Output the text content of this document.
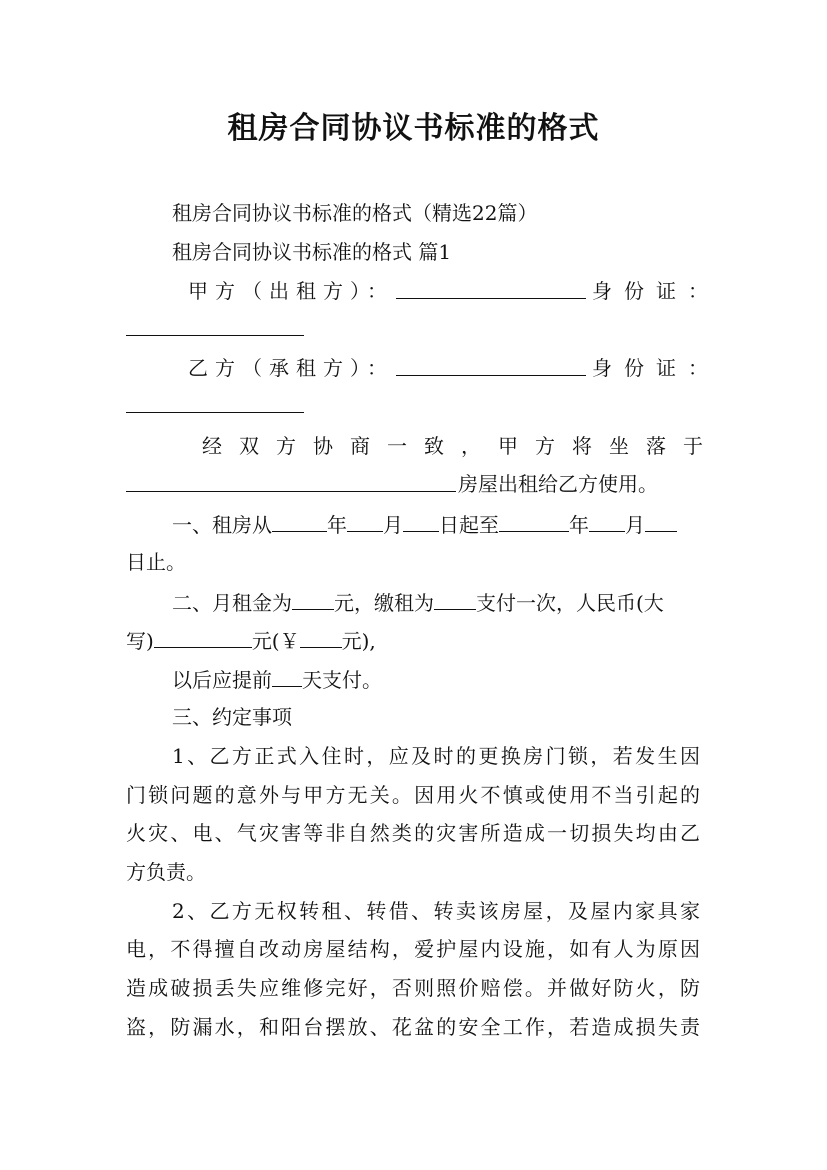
租房合同协议书标准的格式

租房合同协议书标准的格式（精选22篇）

租房合同协议书标准的格式 篇1

甲方（出租方）：	身份证：
乙方（承租方）：	身份证：
经双方协商一致，甲方将坐落于
房屋出租给乙方使用。
一、租房从	年 月 日起至	年 月
日止。
二、月租金为 元，缴租为 支付一次，人民币(大
写)	元(￥ 元),
以后应提前 天支付。
三、约定事项
1、乙方正式入住时，应及时的更换房门锁，若发生因
门锁问题的意外与甲方无关。因用火不慎或使用不当引起的
火灾、电、气灾害等非自然类的灾害所造成一切损失均由乙
方负责。
2、乙方无权转租、转借、转卖该房屋，及屋内家具家
电，不得擅自改动房屋结构，爱护屋内设施，如有人为原因
造成破损丢失应维修完好，否则照价赔偿。并做好防火，防
盗，防漏水，和阳台摆放、花盆的安全工作，若造成损失责
